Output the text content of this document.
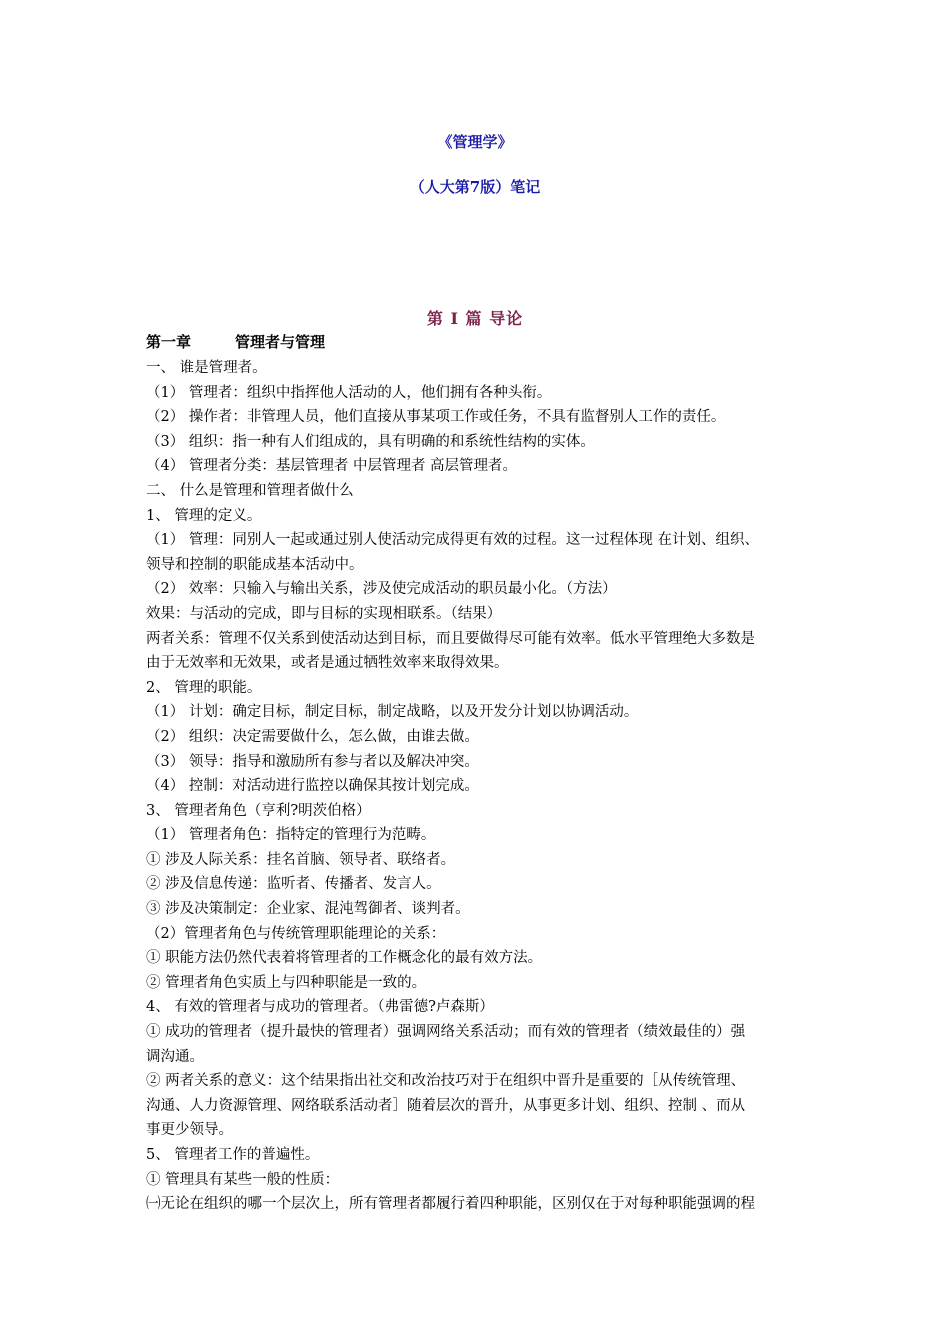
《管理学》
（人大第7版）笔记
第 I 篇 导论
第一章	管理者与管理
一、 谁是管理者。
（1） 管理者：组织中指挥他人活动的人，他们拥有各种头衔。
（2） 操作者：非管理人员，他们直接从事某项工作或任务，不具有监督别人工作的责任。
（3） 组织：指一种有人们组成的，具有明确的和系统性结构的实体。
（4） 管理者分类：基层管理者 中层管理者 高层管理者。
二、 什么是管理和管理者做什么
1、 管理的定义。
（1） 管理：同别人一起或通过别人使活动完成得更有效的过程。这一过程体现 在计划、组织、
领导和控制的职能成基本活动中。
（2） 效率：只输入与输出关系，涉及使完成活动的职员最小化。（方法）
效果：与活动的完成，即与目标的实现相联系。（结果）
两者关系：管理不仅关系到使活动达到目标，而且要做得尽可能有效率。低水平管理绝大多数是
由于无效率和无效果，或者是通过牺牲效率来取得效果。
2、 管理的职能。
（1） 计划：确定目标，制定目标，制定战略，以及开发分计划以协调活动。
（2） 组织：决定需要做什么，怎么做，由谁去做。
（3） 领导：指导和激励所有参与者以及解决冲突。
（4） 控制：对活动进行监控以确保其按计划完成。
3、 管理者角色（亨利?明茨伯格）
（1） 管理者角色：指特定的管理行为范畴。
① 涉及人际关系：挂名首脑、领导者、联络者。
② 涉及信息传递：监听者、传播者、发言人。
③ 涉及决策制定：企业家、混沌驾御者、谈判者。
（2）管理者角色与传统管理职能理论的关系：
① 职能方法仍然代表着将管理者的工作概念化的最有效方法。
② 管理者角色实质上与四种职能是一致的。
4、 有效的管理者与成功的管理者。（弗雷德?卢森斯）
① 成功的管理者（提升最快的管理者）强调网络关系活动；而有效的管理者（绩效最佳的）强
调沟通。
② 两者关系的意义：这个结果指出社交和改治技巧对于在组织中晋升是重要的［从传统管理、
沟通、人力资源管理、网络联系活动者］随着层次的晋升，从事更多计划、组织、控制 、而从
事更少领导。
5、 管理者工作的普遍性。
① 管理具有某些一般的性质：
㈠无论在组织的哪一个层次上，所有管理者都履行着四种职能，区别仅在于对每种职能强调的程
